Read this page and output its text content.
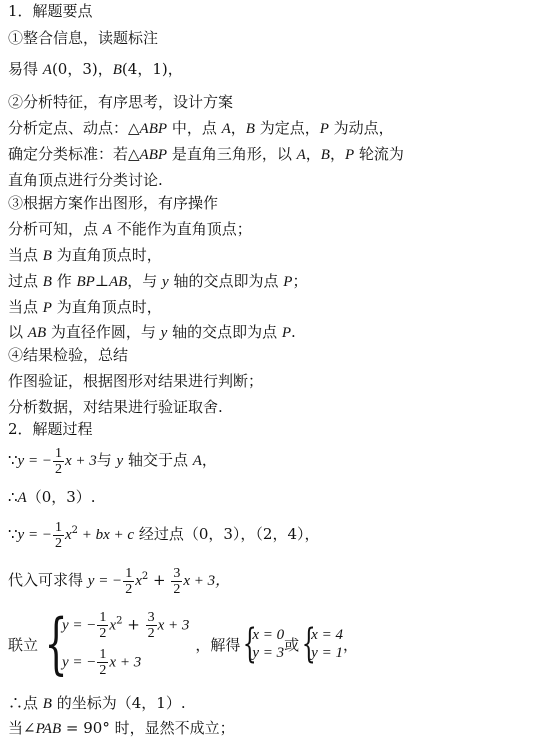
1．解题要点
①整合信息，读题标注
易得 A(0，3)，B(4，1)，
②分析特征，有序思考，设计方案
分析定点、动点：△ABP 中，点 A，B 为定点，P 为动点，
确定分类标准：若△ABP 是直角三角形，以 A，B，P 轮流为
直角顶点进行分类讨论.
③根据方案作出图形，有序操作
分析可知，点 A 不能作为直角顶点；
当点 B 为直角顶点时，
过点 B 作 BP⊥AB，与 y 轴的交点即为点 P；
当点 P 为直角顶点时，
以 AB 为直径作圆，与 y 轴的交点即为点 P.
④结果检验，总结
作图验证，根据图形对结果进行判断；
分析数据，对结果进行验证取舍.
2．解题过程
∵y = − $\frac{1}{2}$ x + 3与 y 轴交于点 A，
∴A（0，3）.
∵y = − $\frac{1}{2} x^2$ + bx + c 经过点（0，3），（2，4），
代入可求得 y = − $\frac{1}{2} x^2 + \frac{3}{2}$ x + 3，
联立 {
y = − $\frac{1}{2} x^2 + \frac{3}{2}$ x + 3
y = − $\frac{1}{2}$ x + 3
，解得 {
x = 0
y = 3 或 {
x = 4
y = 1 ，
∴点 B 的坐标为（4，1）.
当∠PAB = 90° 时，显然不成立；
